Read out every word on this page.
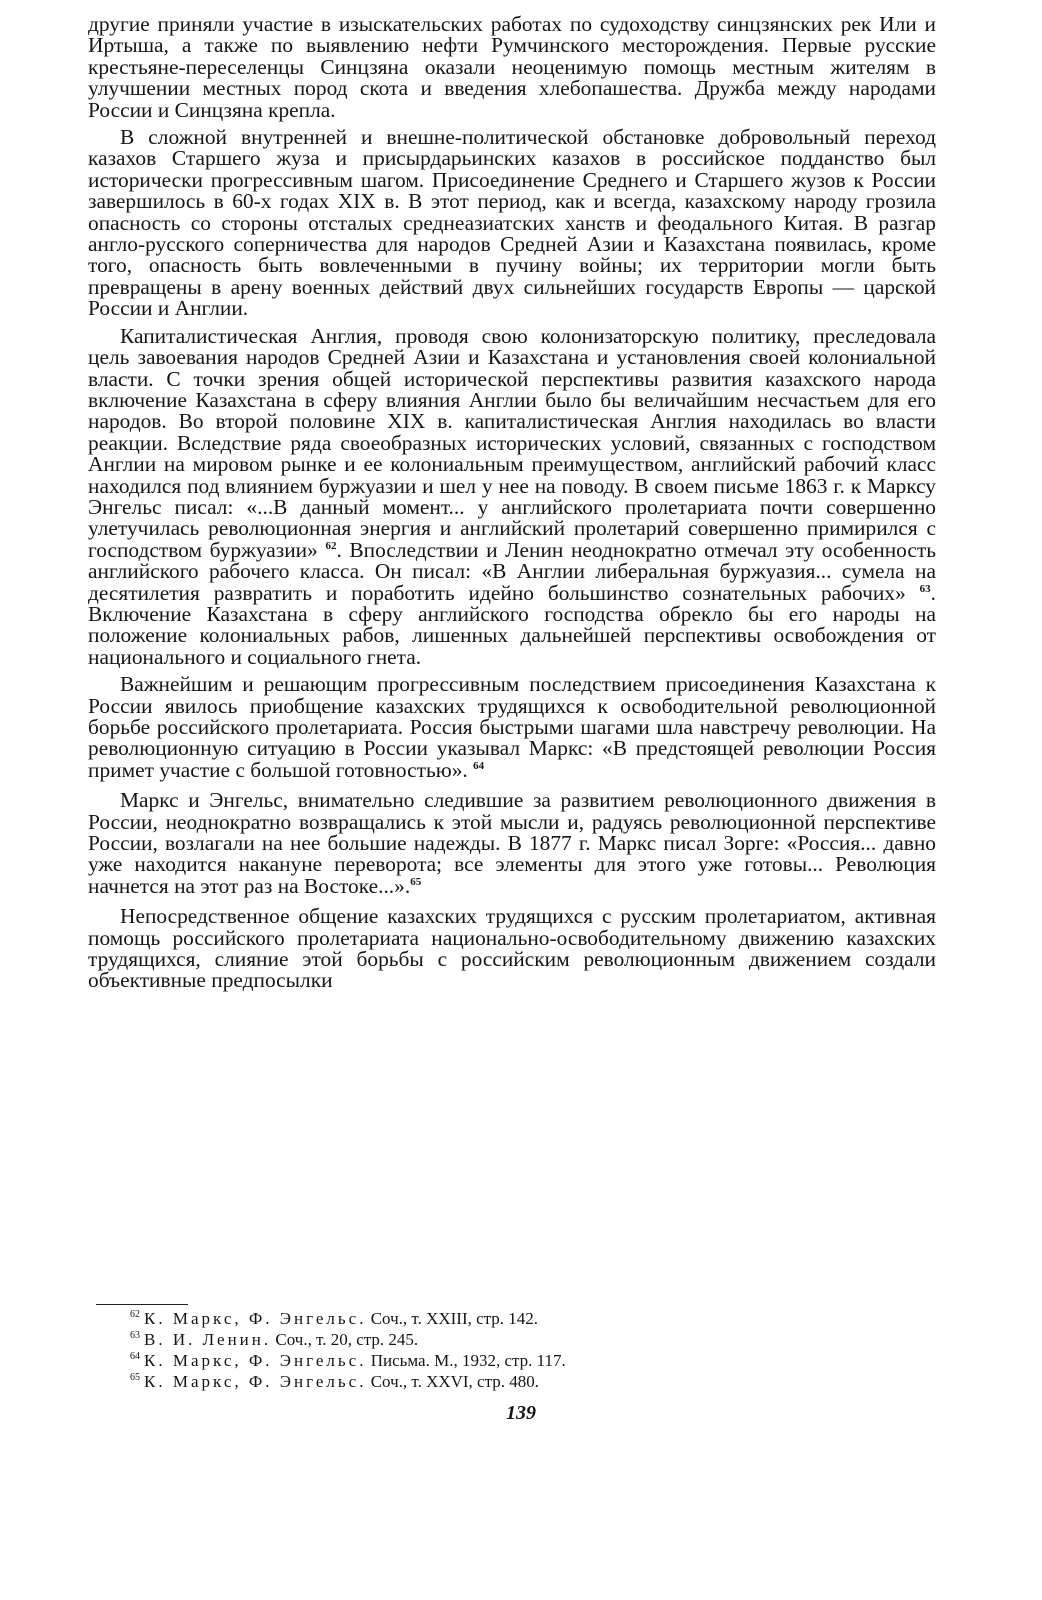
другие приняли участие в изыскательских работах по судоходству синцзянских рек Или и Иртыша, а также по выявлению нефти Румчинского месторождения. Первые русские крестьяне-переселенцы Синцзяна оказали неоценимую помощь местным жителям в улучшении местных пород скота и введения хлебопашества. Дружба между народами России и Синцзяна крепла.

В сложной внутренней и внешне-политической обстановке добровольный переход казахов Старшего жуза и присырдарьинских казахов в российское подданство был исторически прогрессивным шагом. Присоединение Среднего и Старшего жузов к России завершилось в 60-х годах XIX в. В этот период, как и всегда, казахскому народу грозила опасность со стороны отсталых среднеазиатских ханств и феодального Китая. В разгар англо-русского соперничества для народов Средней Азии и Казахстана появилась, кроме того, опасность быть вовлеченными в пучину войны; их территории могли быть превращены в арену военных действий двух сильнейших государств Европы — царской России и Англии.

Капиталистическая Англия, проводя свою колонизаторскую политику, преследовала цель завоевания народов Средней Азии и Казахстана и установления своей колониальной власти. С точки зрения общей исторической перспективы развития казахского народа включение Казахстана в сферу влияния Англии было бы величайшим несчастьем для его народов. Во второй половине XIX в. капиталистическая Англия находилась во власти реакции. Вследствие ряда своеобразных исторических условий, связанных с господством Англии на мировом рынке и ее колониальным преимуществом, английский рабочий класс находился под влиянием буржуазии и шел у нее на поводу. В своем письме 1863 г. к Марксу Энгельс писал: «...В данный момент... у английского пролетариата почти совершенно улетучилась революционная энергия и английский пролетарий совершенно примирился с господством буржуазии» $^{62}$. Впоследствии и Ленин неоднократно отмечал эту особенность английского рабочего класса. Он писал: «В Англии либеральная буржуазия... сумела на десятилетия развратить и поработить идейно большинство сознательных рабочих» $^{63}$. Включение Казахстана в сферу английского господства обрекло бы его народы на положение колониальных рабов, лишенных дальнейшей перспективы освобождения от национального и социального гнета.

Важнейшим и решающим прогрессивным последствием присоединения Казахстана к России явилось приобщение казахских трудящихся к освободительной революционной борьбе российского пролетариата. Россия быстрыми шагами шла навстречу революции. На революционную ситуацию в России указывал Маркс: «В предстоящей революции Россия примет участие с большой готовностью». $^{64}$

Маркс и Энгельс, внимательно следившие за развитием революционного движения в России, неоднократно возвращались к этой мысли и, радуясь революционной перспективе России, возлагали на нее большие надежды. В 1877 г. Маркс писал Зорге: «Россия... давно уже находится накануне переворота; все элементы для этого уже готовы... Революция начнется на этот раз на Востоке...».$^{65}$

Непосредственное общение казахских трудящихся с русским пролетариатом, активная помощь российского пролетариата национально-освободительному движению казахских трудящихся, слияние этой борьбы с российским революционным движением создали объективные предпосылки

$^{62}$ К. Маркс, Ф. Энгельс. Соч., т. XXIII, стр. 142.
$^{63}$ В. И. Ленин. Соч., т. 20, стр. 245.
$^{64}$ К. Маркс, Ф. Энгельс. Письма. М., 1932, стр. 117.
$^{65}$ К. Маркс, Ф. Энгельс. Соч., т. XXVI, стр. 480.
139
